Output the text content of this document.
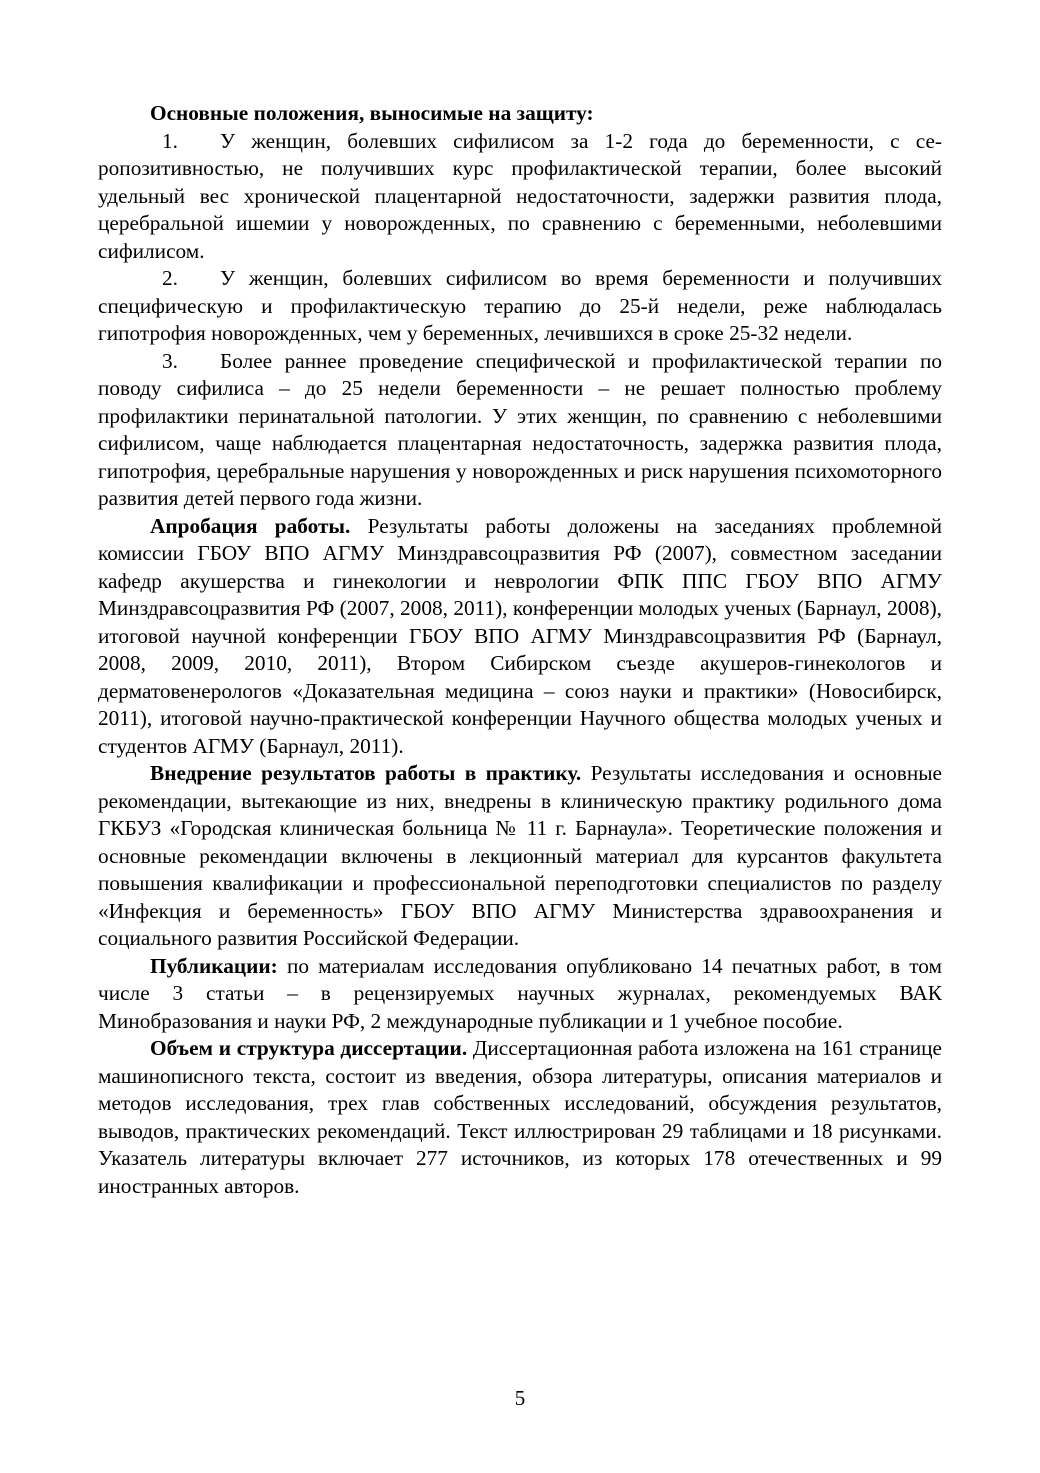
Основные положения, выносимые на защиту:

1. У женщин, болевших сифилисом за 1-2 года до беременности, с серопозитивностью, не получивших курс профилактической терапии, более высокий удельный вес хронической плацентарной недостаточности, задержки развития плода, церебральной ишемии у новорожденных, по сравнению с беременными, неболевшими сифилисом.

2. У женщин, болевших сифилисом во время беременности и получивших специфическую и профилактическую терапию до 25-й недели, реже наблюдалась гипотрофия новорожденных, чем у беременных, лечившихся в сроке 25-32 недели.

3. Более раннее проведение специфической и профилактической терапии по поводу сифилиса – до 25 недели беременности – не решает полностью проблему профилактики перинатальной патологии. У этих женщин, по сравнению с неболевшими сифилисом, чаще наблюдается плацентарная недостаточность, задержка развития плода, гипотрофия, церебральные нарушения у новорожденных и риск нарушения психомоторного развития детей первого года жизни.

Апробация работы. Результаты работы доложены на заседаниях проблемной комиссии ГБОУ ВПО АГМУ Минздравсоцразвития РФ (2007), совместном заседании кафедр акушерства и гинекологии и неврологии ФПК ППС ГБОУ ВПО АГМУ Минздравсоцразвития РФ (2007, 2008, 2011), конференции молодых ученых (Барнаул, 2008), итоговой научной конференции ГБОУ ВПО АГМУ Минздравсоцразвития РФ (Барнаул, 2008, 2009, 2010, 2011), Втором Сибирском съезде акушеров-гинекологов и дерматовенерологов «Доказательная медицина – союз науки и практики» (Новосибирск, 2011), итоговой научно-практической конференции Научного общества молодых ученых и студентов АГМУ (Барнаул, 2011).

Внедрение результатов работы в практику. Результаты исследования и основные рекомендации, вытекающие из них, внедрены в клиническую практику родильного дома ГКБУЗ «Городская клиническая больница № 11 г. Барнаула». Теоретические положения и основные рекомендации включены в лекционный материал для курсантов факультета повышения квалификации и профессиональной переподготовки специалистов по разделу «Инфекция и беременность» ГБОУ ВПО АГМУ Министерства здравоохранения и социального развития Российской Федерации.

Публикации: по материалам исследования опубликовано 14 печатных работ, в том числе 3 статьи – в рецензируемых научных журналах, рекомендуемых ВАК Минобразования и науки РФ, 2 международные публикации и 1 учебное пособие.

Объем и структура диссертации. Диссертационная работа изложена на 161 странице машинописного текста, состоит из введения, обзора литературы, описания материалов и методов исследования, трех глав собственных исследований, обсуждения результатов, выводов, практических рекомендаций. Текст иллюстрирован 29 таблицами и 18 рисунками. Указатель литературы включает 277 источников, из которых 178 отечественных и 99 иностранных авторов.

5
